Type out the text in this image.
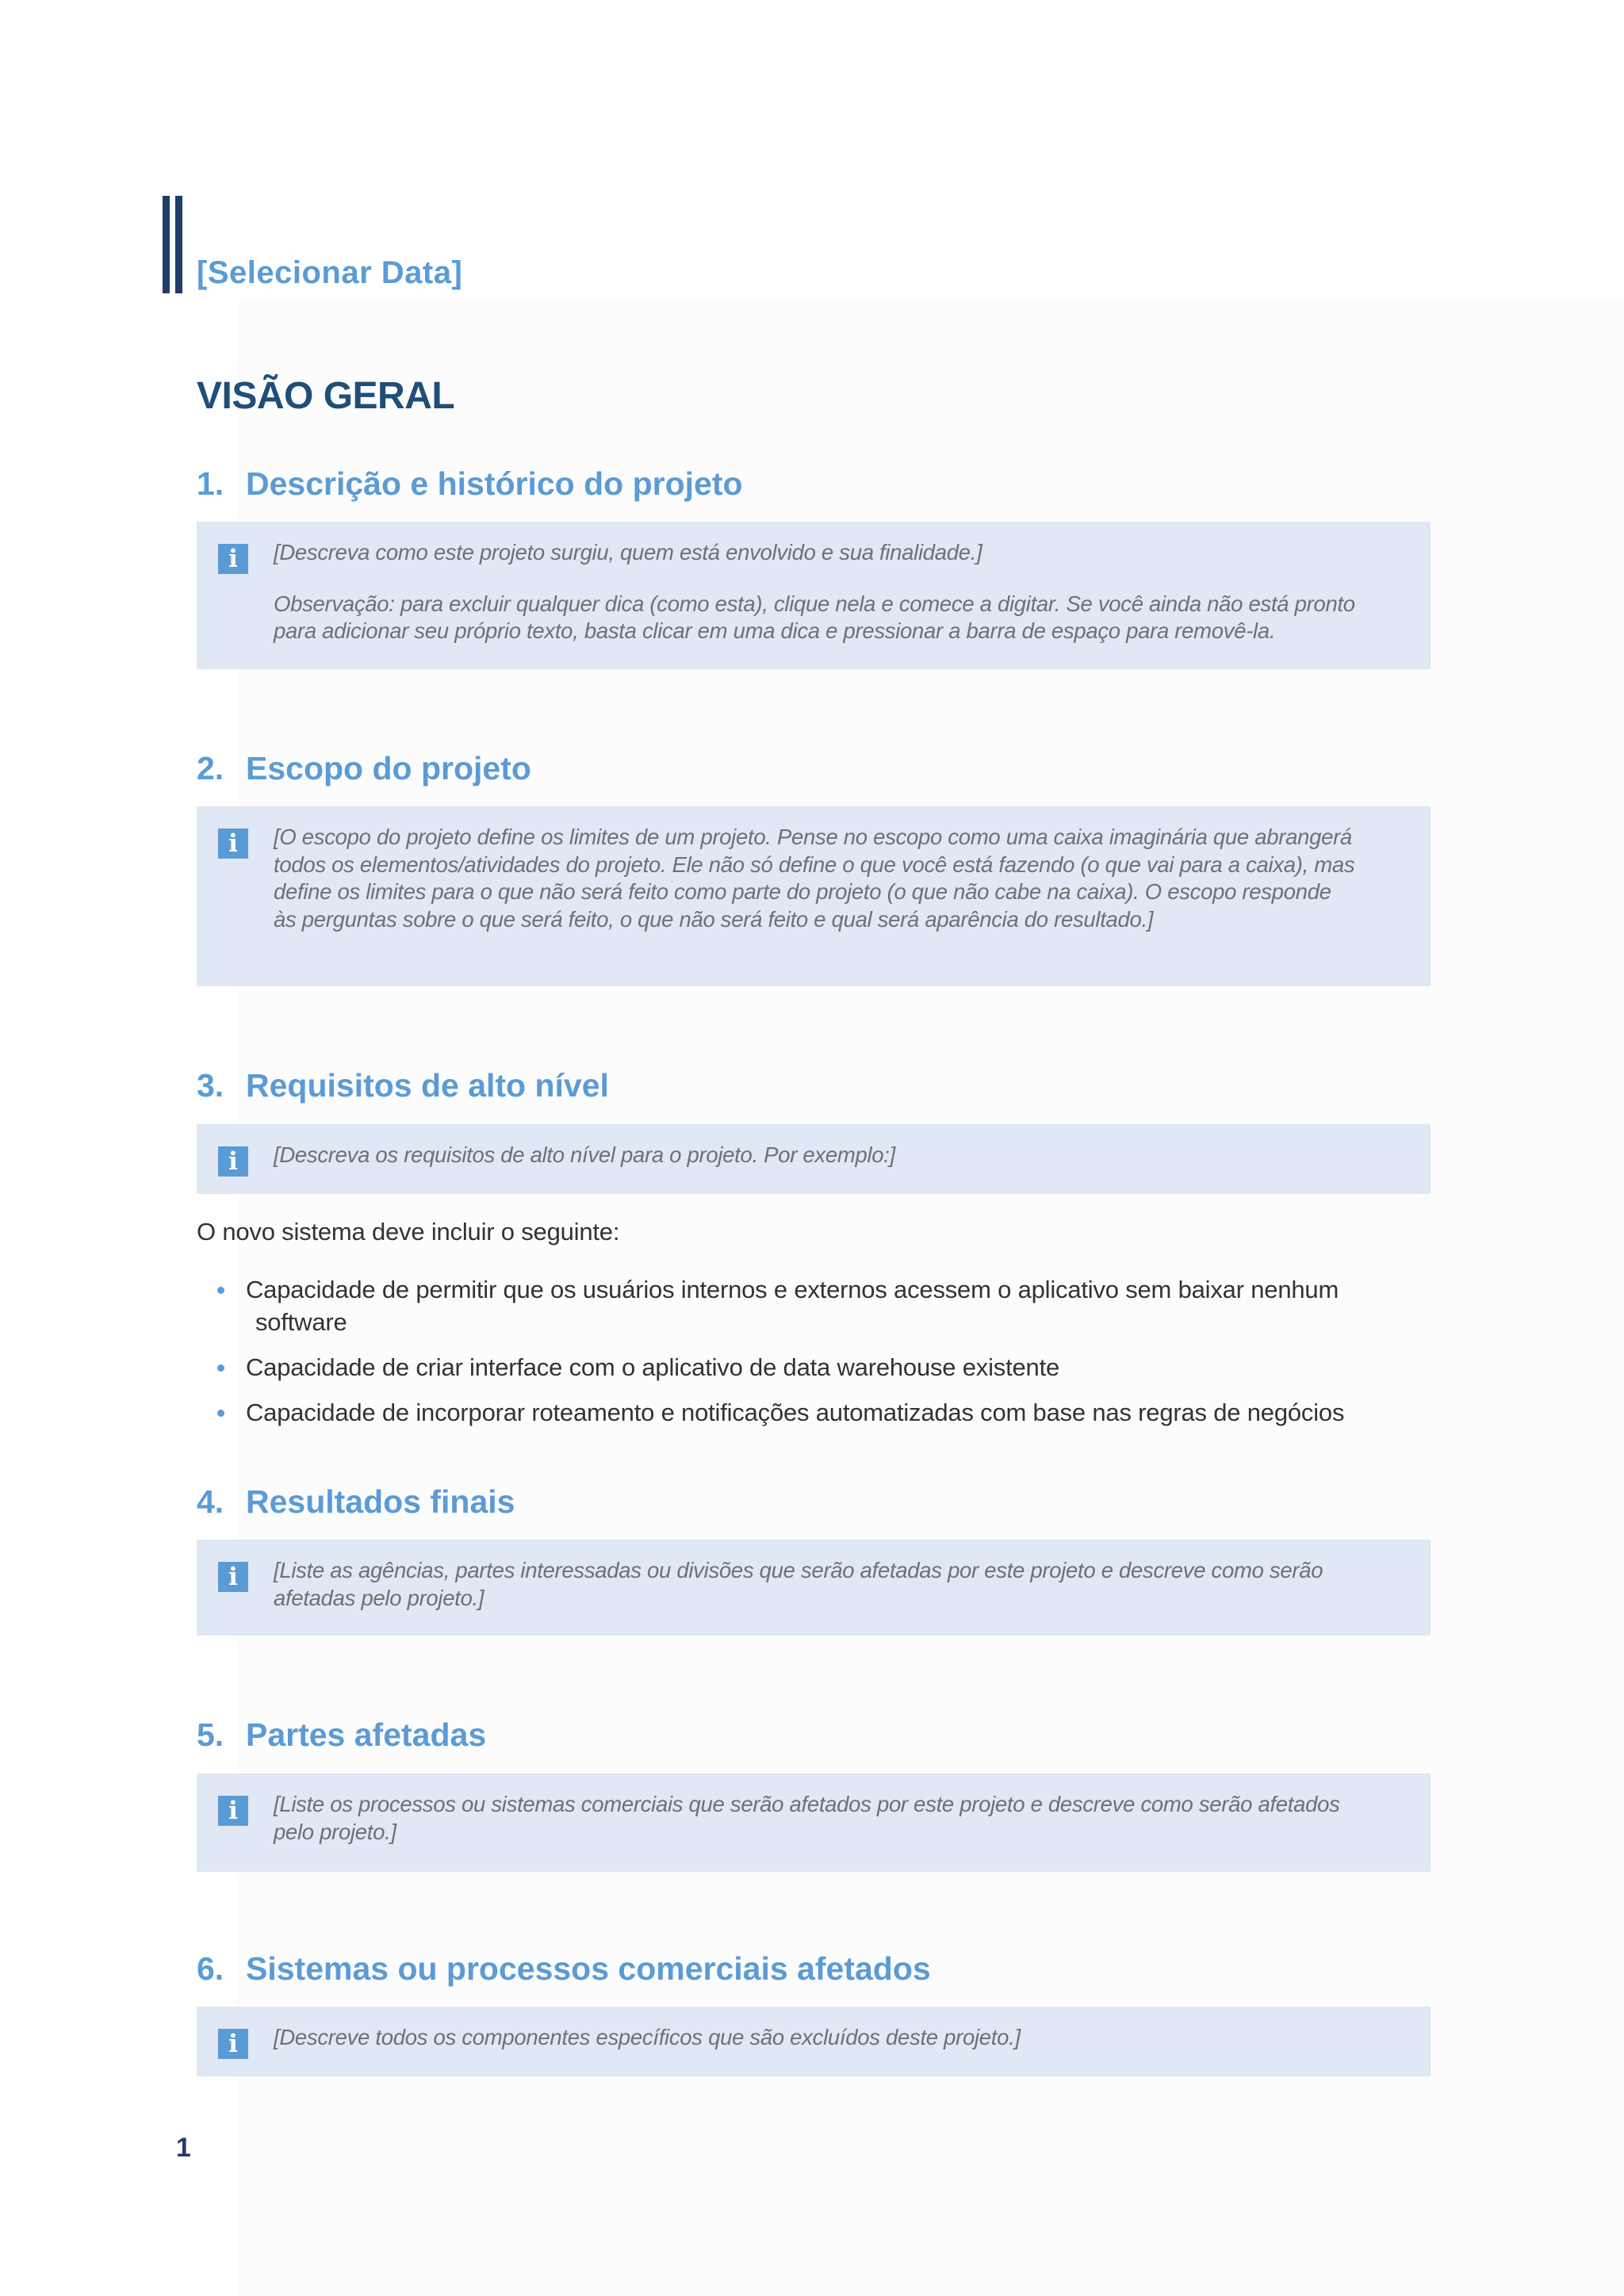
[Selecionar Data]
VISÃO GERAL
1. Descrição e histórico do projeto
i	[Descreva como este projeto surgiu, quem está envolvido e sua finalidade.]

Observação: para excluir qualquer dica (como esta), clique nela e comece a digitar. Se você ainda não está pronto para adicionar seu próprio texto, basta clicar em uma dica e pressionar a barra de espaço para removê-la.

2. Escopo do projeto
i	[O escopo do projeto define os limites de um projeto. Pense no escopo como uma caixa imaginária que abrangerá todos os elementos/atividades do projeto. Ele não só define o que você está fazendo (o que vai para a caixa), mas define os limites para o que não será feito como parte do projeto (o que não cabe na caixa). O escopo responde às perguntas sobre o que será feito, o que não será feito e qual será aparência do resultado.]

3. Requisitos de alto nível
i	[Descreva os requisitos de alto nível para o projeto. Por exemplo:]

O novo sistema deve incluir o seguinte:
Capacidade de permitir que os usuários internos e externos acessem o aplicativo sem baixar nenhum
software
Capacidade de criar interface com o aplicativo de data warehouse existente
Capacidade de incorporar roteamento e notificações automatizadas com base nas regras de negócios
4. Resultados finais
i	[Liste as agências, partes interessadas ou divisões que serão afetadas por este projeto e descreve como serão afetadas pelo projeto.]

5. Partes afetadas
i	[Liste os processos ou sistemas comerciais que serão afetados por este projeto e descreve como serão afetados pelo projeto.]

6. Sistemas ou processos comerciais afetados
i	[Descreve todos os componentes específicos que são excluídos deste projeto.]

1
